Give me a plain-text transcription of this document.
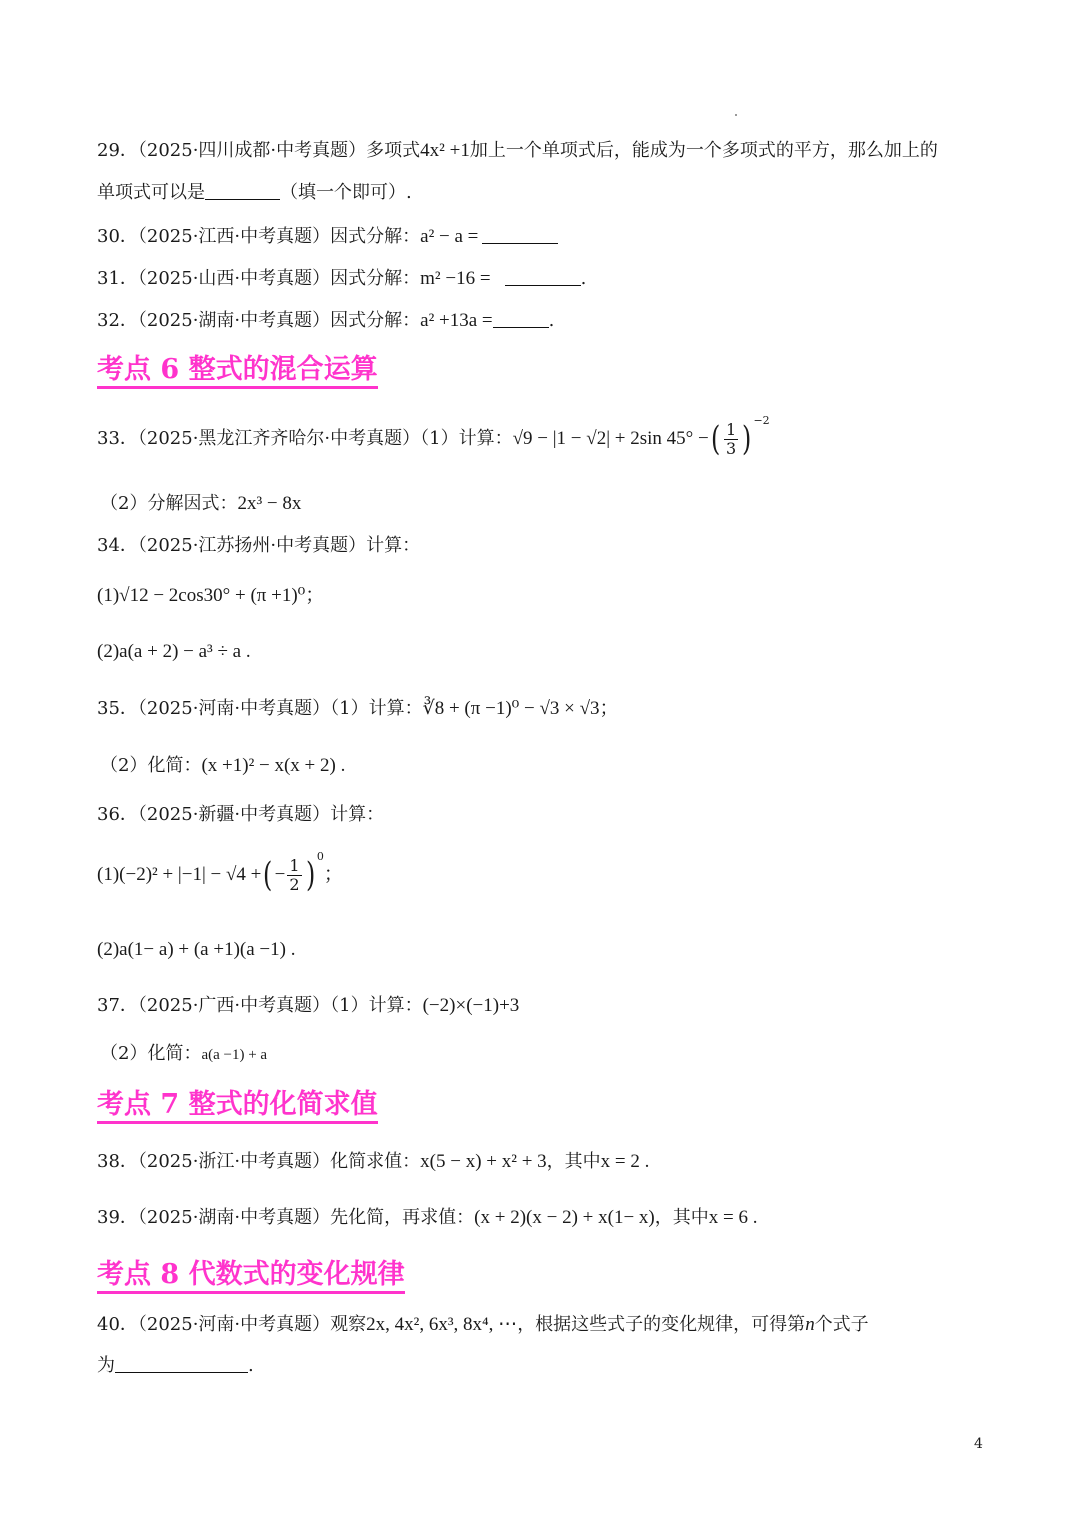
29．（2025·四川成都·中考真题）多项式4x² +1加上一个单项式后，能成为一个多项式的平方，那么加上的
单项式可以是	（填一个即可）.
30．（2025·江西·中考真题）因式分解：a² − a =
31．（2025·山西·中考真题）因式分解：m² −16 =	.
32．（2025·湖南·中考真题）因式分解：a² +13a =	.
考点 6 整式的混合运算
33．（2025·黑龙江齐齐哈尔·中考真题）（1）计算：√9 − |1 − √2| + 2sin 45° −( $\frac{1}{3}$ ) $^{-2}$
（2）分解因式：2x³ − 8x
34．（2025·江苏扬州·中考真题）计算：
(1)√12 − 2cos30° + (π +1)⁰；
(2)a(a + 2) − a³ ÷ a .
35．（2025·河南·中考真题）（1）计算：∛8 + (π −1)⁰ − √3 × √3；
（2）化简：(x +1)² − x(x + 2) .
36．（2025·新疆·中考真题）计算：
(1)(−2)² + |−1| − √4 +( − $\frac{1}{2}$ ) $^0$；
(2)a(1− a) + (a +1)(a −1) .
37．（2025·广西·中考真题）（1）计算：(−2)×(−1)+3
（2）化简：a(a −1) + a
考点 7 整式的化简求值
38．（2025·浙江·中考真题）化简求值：x(5 − x) + x² + 3，其中x = 2 .
39．（2025·湖南·中考真题）先化简，再求值：(x + 2)(x − 2) + x(1− x)，其中x = 6 .
考点 8 代数式的变化规律
40．（2025·河南·中考真题）观察2x, 4x², 6x³, 8x⁴, ⋯，根据这些式子的变化规律，可得第n个式子
为	.
4
